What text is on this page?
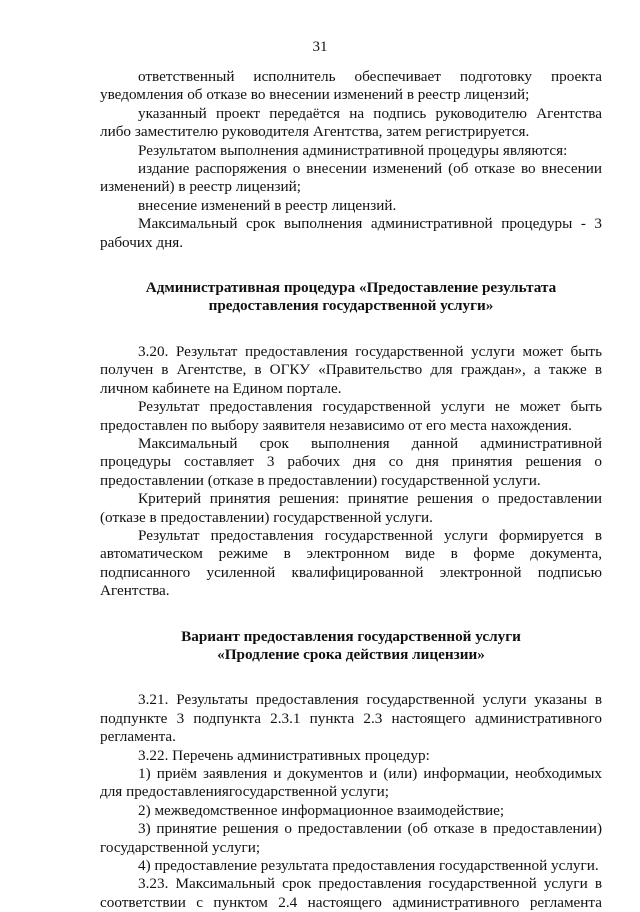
31

ответственный исполнитель обеспечивает подготовку проекта уведомления об отказе во внесении изменений в реестр лицензий;

указанный проект передаётся на подпись руководителю Агентства либо заместителю руководителя Агентства, затем регистрируется.

Результатом выполнения административной процедуры являются:

издание распоряжения о внесении изменений (об отказе во внесении изменений) в реестр лицензий;

внесение изменений в реестр лицензий.

Максимальный срок выполнения административной процедуры - 3 рабочих дня.

Административная процедура «Предоставление результата
предоставления государственной услуги»

3.20. Результат предоставления государственной услуги может быть получен в Агентстве, в ОГКУ «Правительство для граждан», а также в личном кабинете на Едином портале.

Результат предоставления государственной услуги не может быть предоставлен по выбору заявителя независимо от его места нахождения.

Максимальный срок выполнения данной административной процедуры составляет 3 рабочих дня со дня принятия решения о предоставлении (отказе в предоставлении) государственной услуги.

Критерий принятия решения: принятие решения о предоставлении (отказе в предоставлении) государственной услуги.

Результат предоставления государственной услуги формируется в автоматическом режиме в электронном виде в форме документа, подписанного усиленной квалифицированной электронной подписью Агентства.

Вариант предоставления государственной услуги
«Продление срока действия лицензии»

3.21. Результаты предоставления государственной услуги указаны в подпункте 3 подпункта 2.3.1 пункта 2.3 настоящего административного регламента.

3.22. Перечень административных процедур:

1) приём заявления и документов и (или) информации, необходимых для предоставлениягосударственной услуги;

2) межведомственное информационное взаимодействие;

3) принятие решения о предоставлении (об отказе в предоставлении) государственной услуги;

4) предоставление результата предоставления государственной услуги.

3.23. Максимальный срок предоставления государственной услуги в соответствии с пунктом 2.4 настоящего административного регламента
